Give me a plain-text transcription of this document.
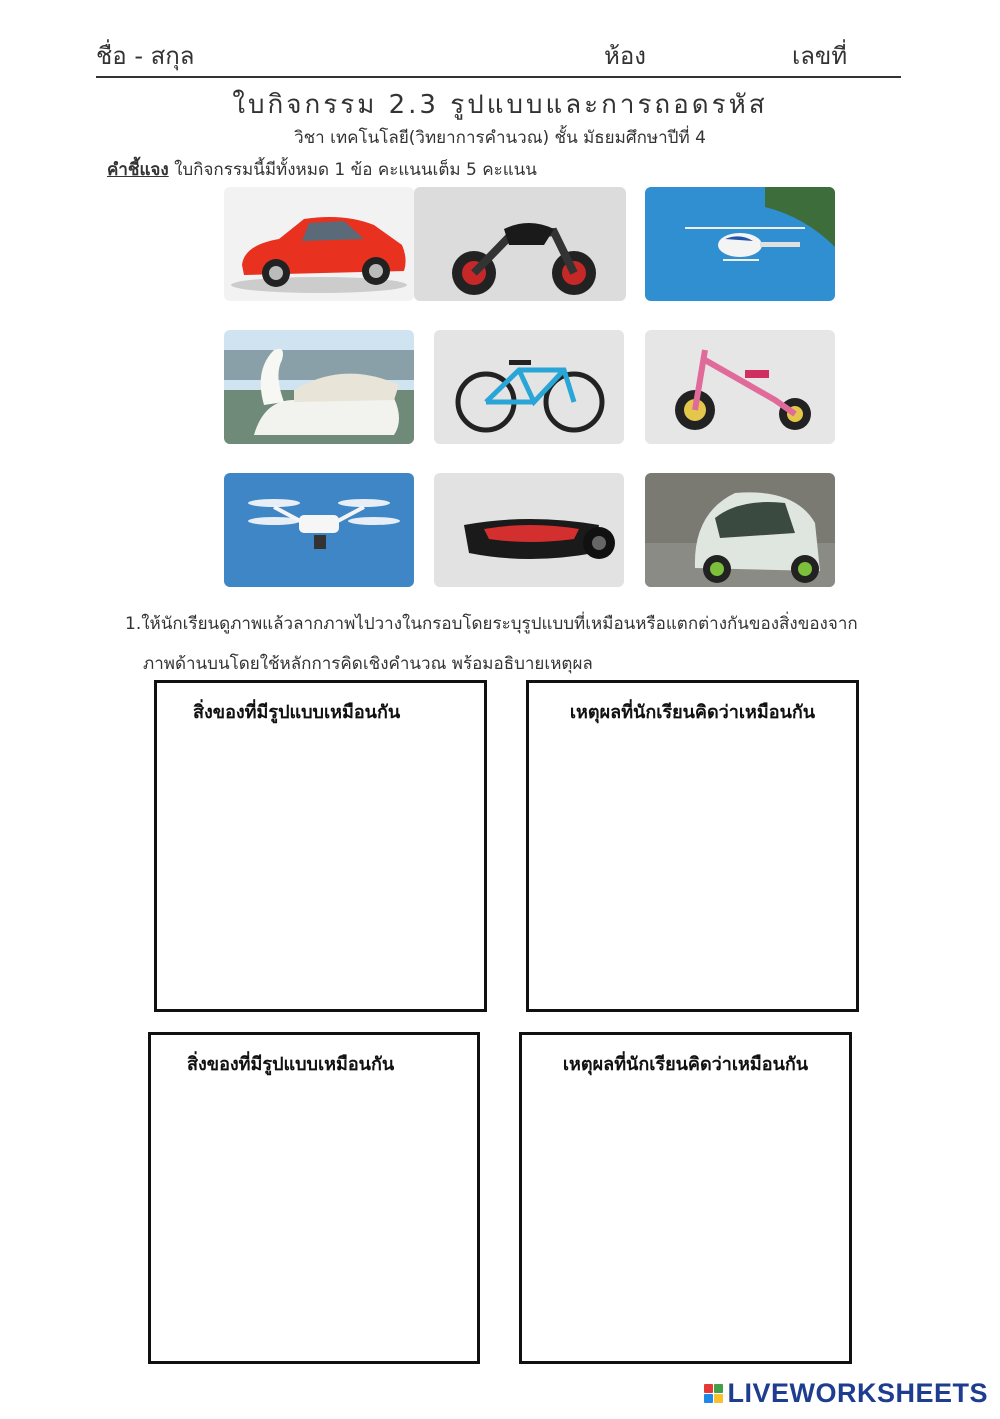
ชื่อ - สกุล	ห้อง	เลขที่
ใบกิจกรรม 2.3 รูปแบบและการถอดรหัส
วิชา เทคโนโลยี(วิทยาการคำนวณ) ชั้น มัธยมศึกษาปีที่ 4
คำชี้แจง ใบกิจกรรมนี้มีทั้งหมด 1 ข้อ คะแนนเต็ม 5 คะแนน
1.ให้นักเรียนดูภาพแล้วลากภาพไปวางในกรอบโดยระบุรูปแบบที่เหมือนหรือแตกต่างกันของสิ่งของจาก
ภาพด้านบนโดยใช้หลักการคิดเชิงคำนวณ พร้อมอธิบายเหตุผล
สิ่งของที่มีรูปแบบเหมือนกัน	เหตุผลที่นักเรียนคิดว่าเหมือนกัน
สิ่งของที่มีรูปแบบเหมือนกัน	เหตุผลที่นักเรียนคิดว่าเหมือนกัน
LIVEWORKSHEETS
